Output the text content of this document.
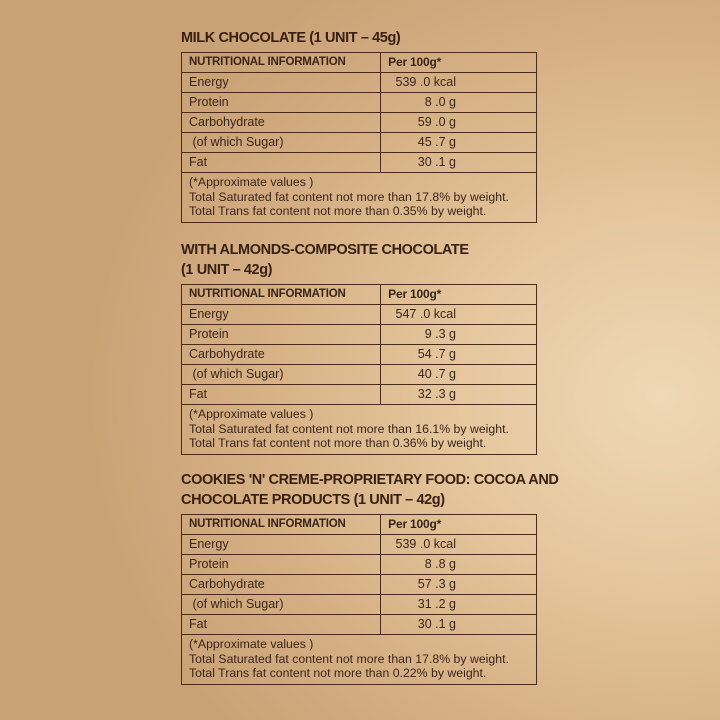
MILK CHOCOLATE (1 UNIT – 45g)
NUTRITIONAL INFORMATION	Per 100g*
Energy	539 .0 kcal
Protein	8 .0 g
Carbohydrate	59 .0 g
(of which Sugar)	45 .7 g
Fat	30 .1 g

(*Approximate values )
Total Saturated fat content not more than 17.8% by weight.
Total Trans fat content not more than 0.35% by weight.	
WITH ALMONDS-COMPOSITE CHOCOLATE
(1 UNIT – 42g)
NUTRITIONAL INFORMATION	Per 100g*
Energy	547 .0 kcal
Protein	9 .3 g
Carbohydrate	54 .7 g
(of which Sugar)	40 .7 g
Fat	32 .3 g

(*Approximate values )
Total Saturated fat content not more than 16.1% by weight.
Total Trans fat content not more than 0.36% by weight.	
COOKIES 'N' CREME-PROPRIETARY FOOD: COCOA AND
CHOCOLATE PRODUCTS (1 UNIT – 42g)
NUTRITIONAL INFORMATION	Per 100g*
Energy	539 .0 kcal
Protein	8 .8 g
Carbohydrate	57 .3 g
(of which Sugar)	31 .2 g
Fat	30 .1 g

(*Approximate values )
Total Saturated fat content not more than 17.8% by weight.
Total Trans fat content not more than 0.22% by weight.	
